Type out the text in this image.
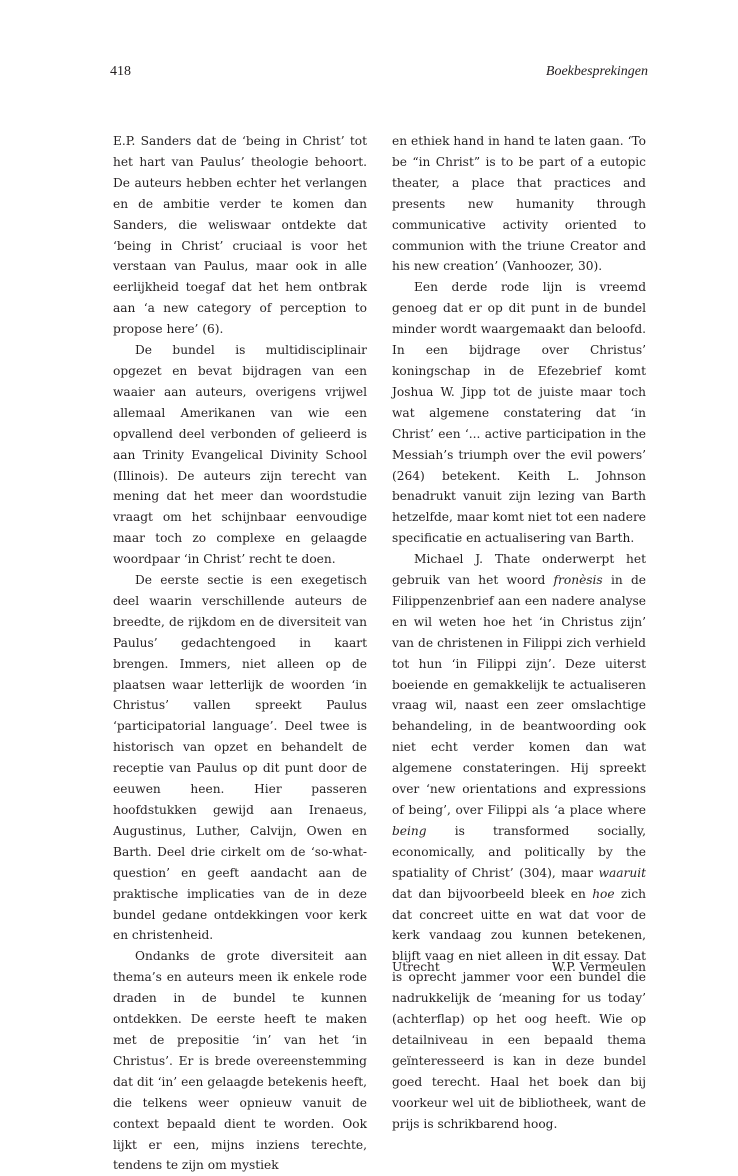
418	Boekbesprekingen

E.P. Sanders dat de ‘being in Christ’ tot het hart van Paulus’ theologie behoort. De auteurs hebben echter het verlangen en de ambitie verder te komen dan Sanders, die weliswaar ontdekte dat ‘being in Christ’ cruciaal is voor het verstaan van Paulus, maar ook in alle eerlijkheid toegaf dat het hem ontbrak aan ‘a new category of perception to propose here’ (6).

De bundel is multidisciplinair opgezet en bevat bijdragen van een waaier aan auteurs, overigens vrijwel allemaal Amerikanen van wie een opvallend deel verbonden of gelieerd is aan Trinity Evangelical Divinity School (Illinois). De auteurs zijn terecht van mening dat het meer dan woordstudie vraagt om het schijnbaar eenvoudige maar toch zo complexe en gelaagde woordpaar ‘in Christ’ recht te doen.

De eerste sectie is een exegetisch deel waarin verschillende auteurs de breedte, de rijkdom en de diversiteit van Paulus’ gedachtengoed in kaart brengen. Immers, niet alleen op de plaatsen waar letterlijk de woorden ‘in Christus’ vallen spreekt Paulus ‘participatorial language’. Deel twee is historisch van opzet en behandelt de receptie van Paulus op dit punt door de eeuwen heen. Hier passeren hoofdstukken gewijd aan Irenaeus, Augustinus, Luther, Calvijn, Owen en Barth. Deel drie cirkelt om de ‘so-what-question’ en geeft aandacht aan de praktische implicaties van de in deze bundel gedane ontdekkingen voor kerk en christenheid.

Ondanks de grote diversiteit aan thema’s en auteurs meen ik enkele rode draden in de bundel te kunnen ontdekken. De eerste heeft te maken met de prepositie ‘in’ van het ‘in Christus’. Er is brede overeenstemming dat dit ‘in’ een gelaagde betekenis heeft, die telkens weer opnieuw vanuit de context bepaald dient te worden. Ook lijkt er een, mijns inziens terechte, tendens te zijn om mystiek

en ethiek hand in hand te laten gaan. ‘To be “in Christ” is to be part of a eutopic theater, a place that practices and presents new humanity through communicative activity oriented to communion with the triune Creator and his new creation’ (Vanhoozer, 30).

Een derde rode lijn is vreemd genoeg dat er op dit punt in de bundel minder wordt waargemaakt dan beloofd. In een bijdrage over Christus’ koningschap in de Efezebrief komt Joshua W. Jipp tot de juiste maar toch wat algemene constatering dat ‘in Christ’ een ‘... active participation in the Messiah’s triumph over the evil powers’ (264) betekent. Keith L. Johnson benadrukt vanuit zijn lezing van Barth hetzelfde, maar komt niet tot een nadere specificatie en actualisering van Barth.

Michael J. Thate onderwerpt het gebruik van het woord fronèsis in de Filippenzenbrief aan een nadere analyse en wil weten hoe het ‘in Christus zijn’ van de christenen in Filippi zich verhield tot hun ‘in Filippi zijn’. Deze uiterst boeiende en gemakkelijk te actualiseren vraag wil, naast een zeer omslachtige behandeling, in de beantwoording ook niet echt verder komen dan wat algemene constateringen. Hij spreekt over ‘new orientations and expressions of being’, over Filippi als ‘a place where being is transformed socially, economically, and politically by the spatiality of Christ’ (304), maar waaruit dat dan bijvoorbeeld bleek en hoe zich dat concreet uitte en wat dat voor de kerk vandaag zou kunnen betekenen, blijft vaag en niet alleen in dit essay. Dat is oprecht jammer voor een bundel die nadrukkelijk de ‘meaning for us today’ (achterflap) op het oog heeft. Wie op detailniveau in een bepaald thema geïnteresseerd is kan in deze bundel goed terecht. Haal het boek dan bij voorkeur wel uit de bibliotheek, want de prijs is schrikbarend hoog.

Utrecht	W.P. Vermeulen
